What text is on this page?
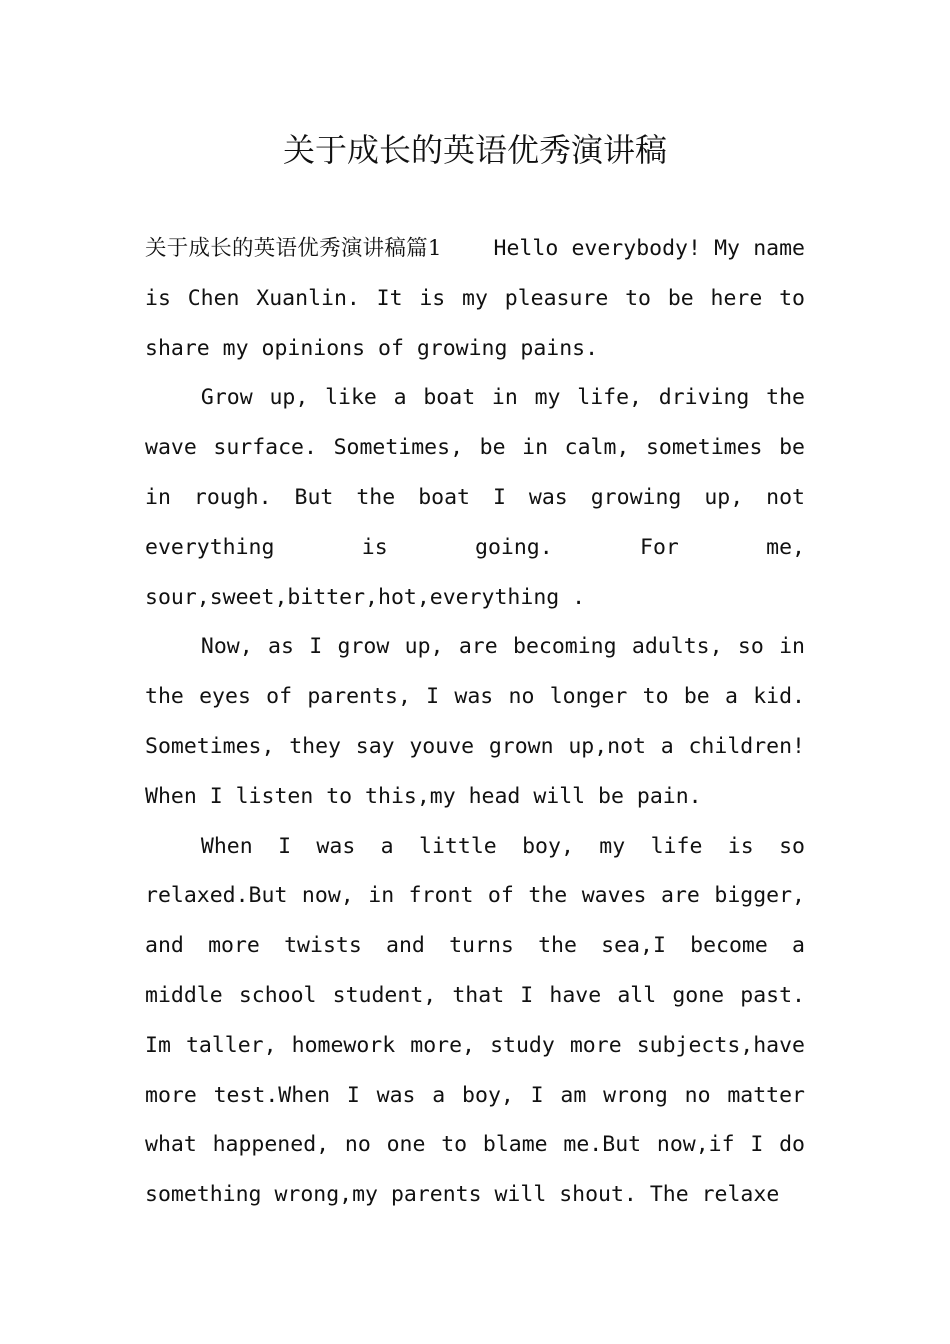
关于成长的英语优秀演讲稿

关于成长的英语优秀演讲稿篇1 Hello everybody! My name is Chen Xuanlin. It is my pleasure to be here to share my opinions of growing pains.

Grow up, like a boat in my life, driving the wave surface. Sometimes, be in calm, sometimes be in rough. But the boat I was growing up, not everything is going. For me, sour,sweet,bitter,hot,everything .

Now, as I grow up, are becoming adults, so in the eyes of parents, I was no longer to be a kid. Sometimes, they say youve grown up,not a children! When I listen to this,my head will be pain.

When I was a little boy, my life is so relaxed.But now, in front of the waves are bigger, and more twists and turns the sea,I become a middle school student, that I have all gone past. Im taller, homework more, study more subjects,have more test.When I was a boy, I am wrong no matter what happened, no one to blame me.But now,if I do something wrong,my parents will shout. The relaxe
